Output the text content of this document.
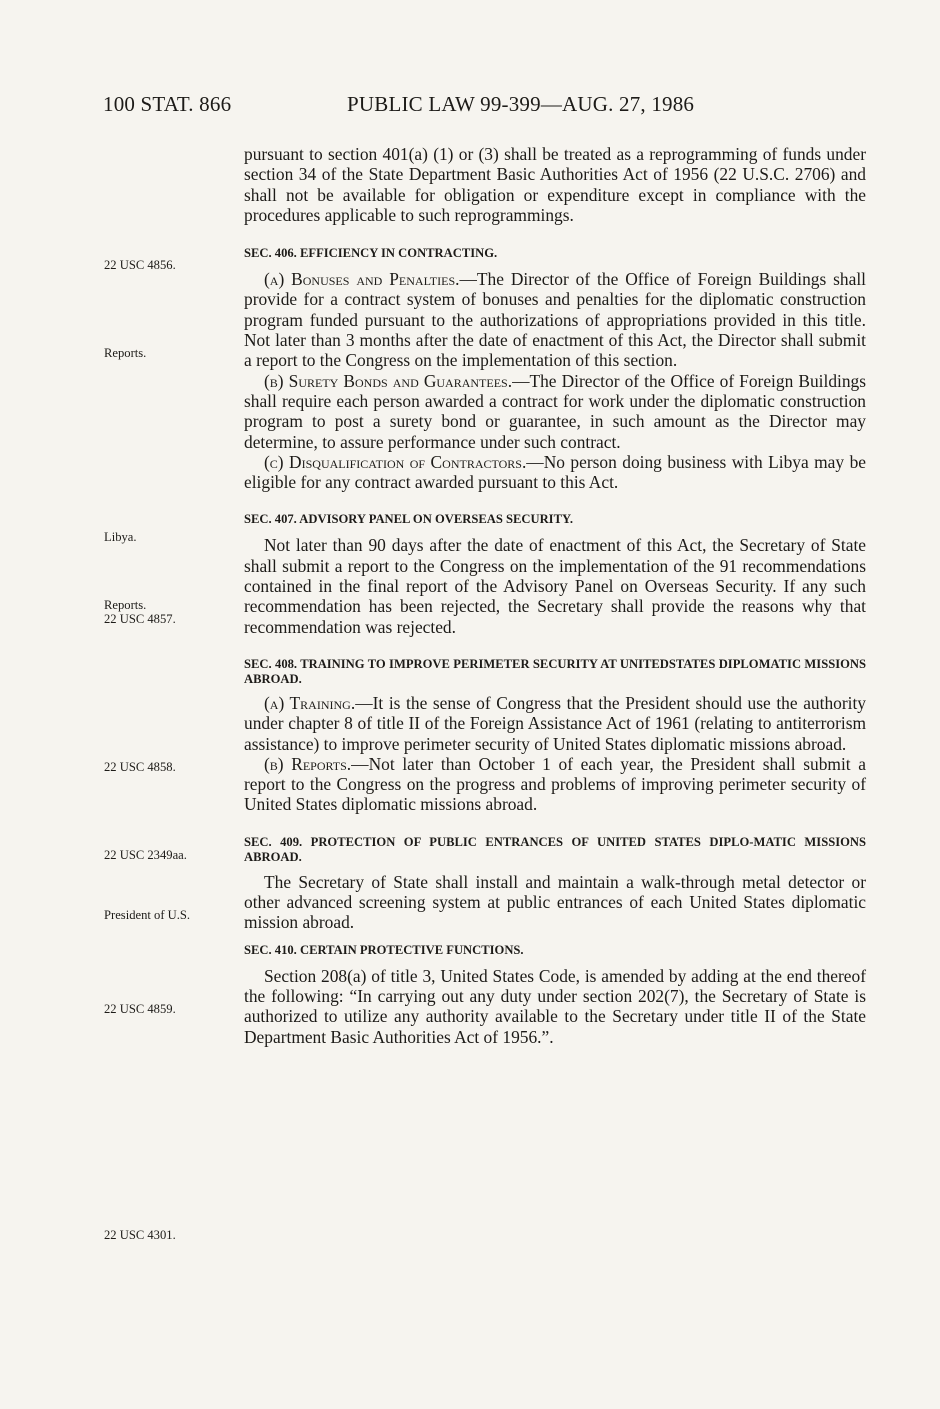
100 STAT. 866	PUBLIC LAW 99-399—AUG. 27, 1986
22 USC 4856.
Reports.
Libya.
Reports.
22 USC 4857.
22 USC 4858.
22 USC 2349aa.
President of U.S.
22 USC 4859.
22 USC 4301.

pursuant to section 401(a) (1) or (3) shall be treated as a reprogramming of funds under section 34 of the State Department Basic Authorities Act of 1956 (22 U.S.C. 2706) and shall not be available for obligation or expenditure except in compliance with the procedures applicable to such reprogrammings.

SEC. 406. EFFICIENCY IN CONTRACTING.

(a) Bonuses and Penalties.—The Director of the Office of Foreign Buildings shall provide for a contract system of bonuses and penalties for the diplomatic construction program funded pursuant to the authorizations of appropriations provided in this title. Not later than 3 months after the date of enactment of this Act, the Director shall submit a report to the Congress on the implementation of this section.

(b) Surety Bonds and Guarantees.—The Director of the Office of Foreign Buildings shall require each person awarded a contract for work under the diplomatic construction program to post a surety bond or guarantee, in such amount as the Director may determine, to assure performance under such contract.

(c) Disqualification of Contractors.—No person doing business with Libya may be eligible for any contract awarded pursuant to this Act.

SEC. 407. ADVISORY PANEL ON OVERSEAS SECURITY.

Not later than 90 days after the date of enactment of this Act, the Secretary of State shall submit a report to the Congress on the implementation of the 91 recommendations contained in the final report of the Advisory Panel on Overseas Security. If any such recommendation has been rejected, the Secretary shall provide the reasons why that recommendation was rejected.

SEC. 408. TRAINING TO IMPROVE PERIMETER SECURITY AT UNITEDSTATES DIPLOMATIC MISSIONS ABROAD.

(a) Training.—It is the sense of Congress that the President should use the authority under chapter 8 of title II of the Foreign Assistance Act of 1961 (relating to antiterrorism assistance) to improve perimeter security of United States diplomatic missions abroad.

(b) Reports.—Not later than October 1 of each year, the President shall submit a report to the Congress on the progress and problems of improving perimeter security of United States diplomatic missions abroad.

SEC. 409. PROTECTION OF PUBLIC ENTRANCES OF UNITED STATES DIPLO-MATIC MISSIONS ABROAD.

The Secretary of State shall install and maintain a walk-through metal detector or other advanced screening system at public entrances of each United States diplomatic mission abroad.

SEC. 410. CERTAIN PROTECTIVE FUNCTIONS.

Section 208(a) of title 3, United States Code, is amended by adding at the end thereof the following: “In carrying out any duty under section 202(7), the Secretary of State is authorized to utilize any authority available to the Secretary under title II of the State Department Basic Authorities Act of 1956.”.
